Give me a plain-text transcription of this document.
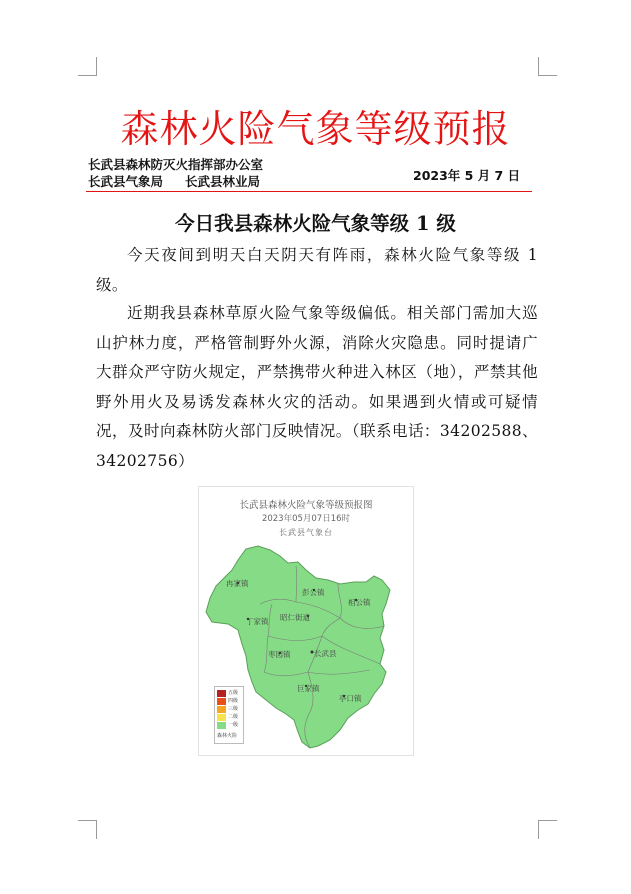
森林火险气象等级预报
长武县森林防灭火指挥部办公室
长武县气象局 长武县林业局	2023年 5 月 7 日
今日我县森林火险气象等级 1 级
今天夜间到明天白天阴天有阵雨，森林火险气象等级 1 级。
近期我县森林草原火险气象等级偏低。相关部门需加大巡山护林力度，严格管制野外火源，消除火灾隐患。同时提请广大群众严守防火规定，严禁携带火种进入林区（地），严禁其他野外用火及易诱发森林火灾的活动。如果遇到火情或可疑情况，及时向森林防火部门反映情况。（联系电话：34202588、34202756）
冉家镇
彭公镇
相公镇
丁家镇 昭仁街道
枣园镇	长武县
巨家镇
亭口镇
长武县森林火险气象等级预报图
2023年05月07日16时
长武县气象台
五级
四级
三级
二级
一级
森林火险
